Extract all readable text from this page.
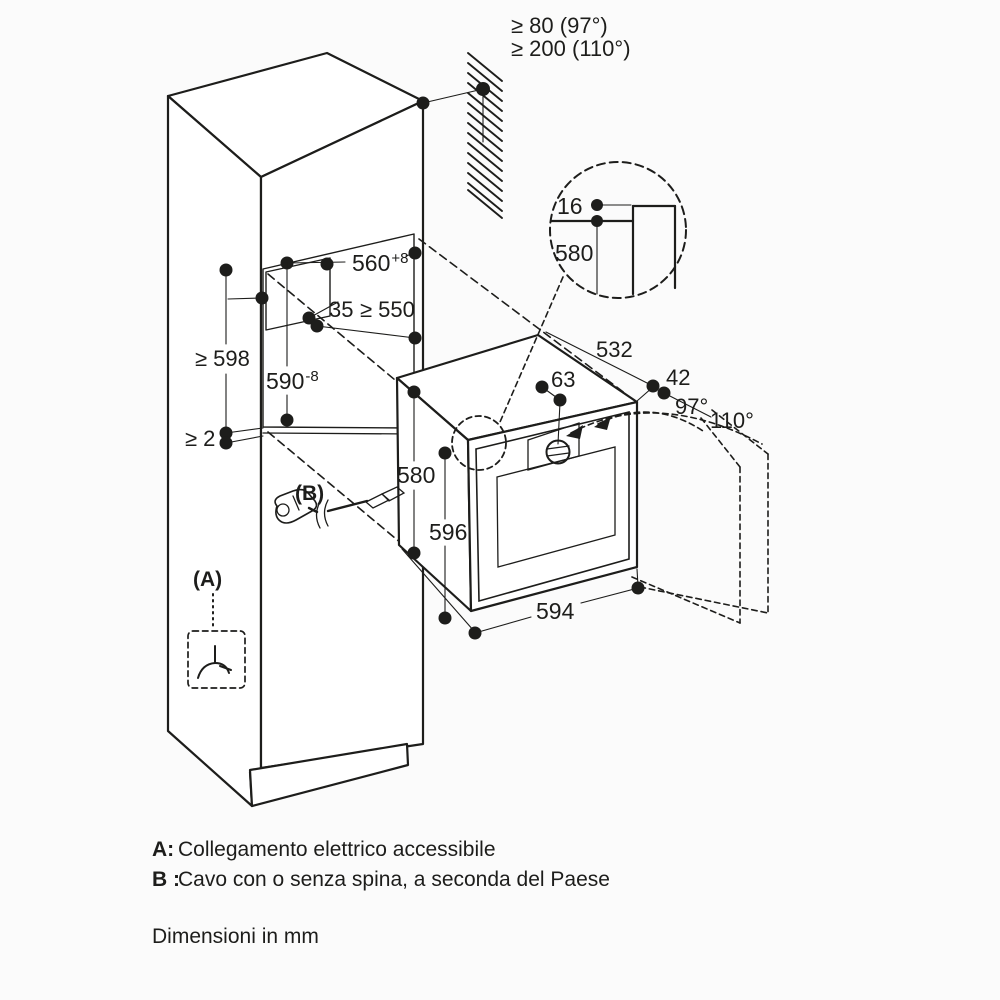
16
580
≥ 80 (97°)
≥ 200 (110°)
560+8
590-8
35 ≥ 550
≥ 598
≥ 2
532
42
97°
110°
63
580
596
594
(B)
(A)
A: Collegamento elettrico accessibile
B :
Cavo con o senza spina, a seconda del Paese
Dimensioni in mm
